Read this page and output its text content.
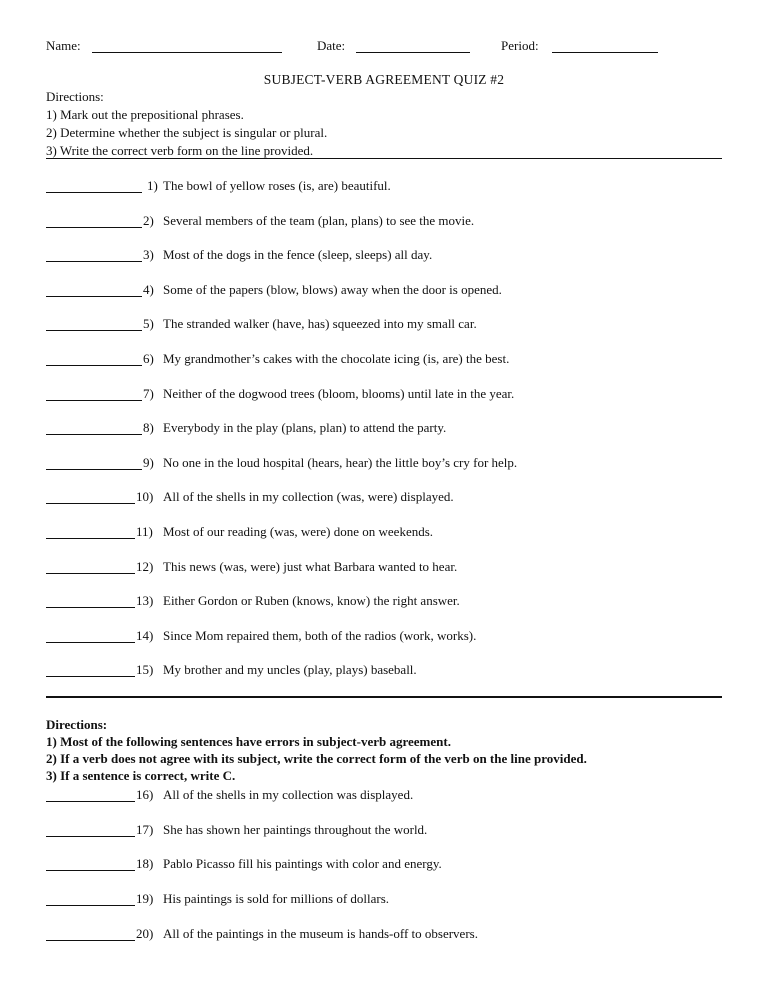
Name:	Date:	Period:
SUBJECT-VERB AGREEMENT QUIZ #2
Directions:
1) Mark out the prepositional phrases.
2) Determine whether the subject is singular or plural.
3) Write the correct verb form on the line provided.
1) The bowl of yellow roses (is, are) beautiful.
2) Several members of the team (plan, plans) to see the movie.
3) Most of the dogs in the fence (sleep, sleeps) all day.
4) Some of the papers (blow, blows) away when the door is opened.
5) The stranded walker (have, has) squeezed into my small car.
6) My grandmother’s cakes with the chocolate icing (is, are) the best.
7) Neither of the dogwood trees (bloom, blooms) until late in the year.
8) Everybody in the play (plans, plan) to attend the party.
9) No one in the loud hospital (hears, hear) the little boy’s cry for help.
10) All of the shells in my collection (was, were) displayed.
11) Most of our reading (was, were) done on weekends.
12) This news (was, were) just what Barbara wanted to hear.
13) Either Gordon or Ruben (knows, know) the right answer.
14) Since Mom repaired them, both of the radios (work, works).
15) My brother and my uncles (play, plays) baseball.
Directions:
1) Most of the following sentences have errors in subject-verb agreement.
2) If a verb does not agree with its subject, write the correct form of the verb on the line provided.
3) If a sentence is correct, write C.
16) All of the shells in my collection was displayed.
17) She has shown her paintings throughout the world.
18) Pablo Picasso fill his paintings with color and energy.
19) His paintings is sold for millions of dollars.
20) All of the paintings in the museum is hands-off to observers.
